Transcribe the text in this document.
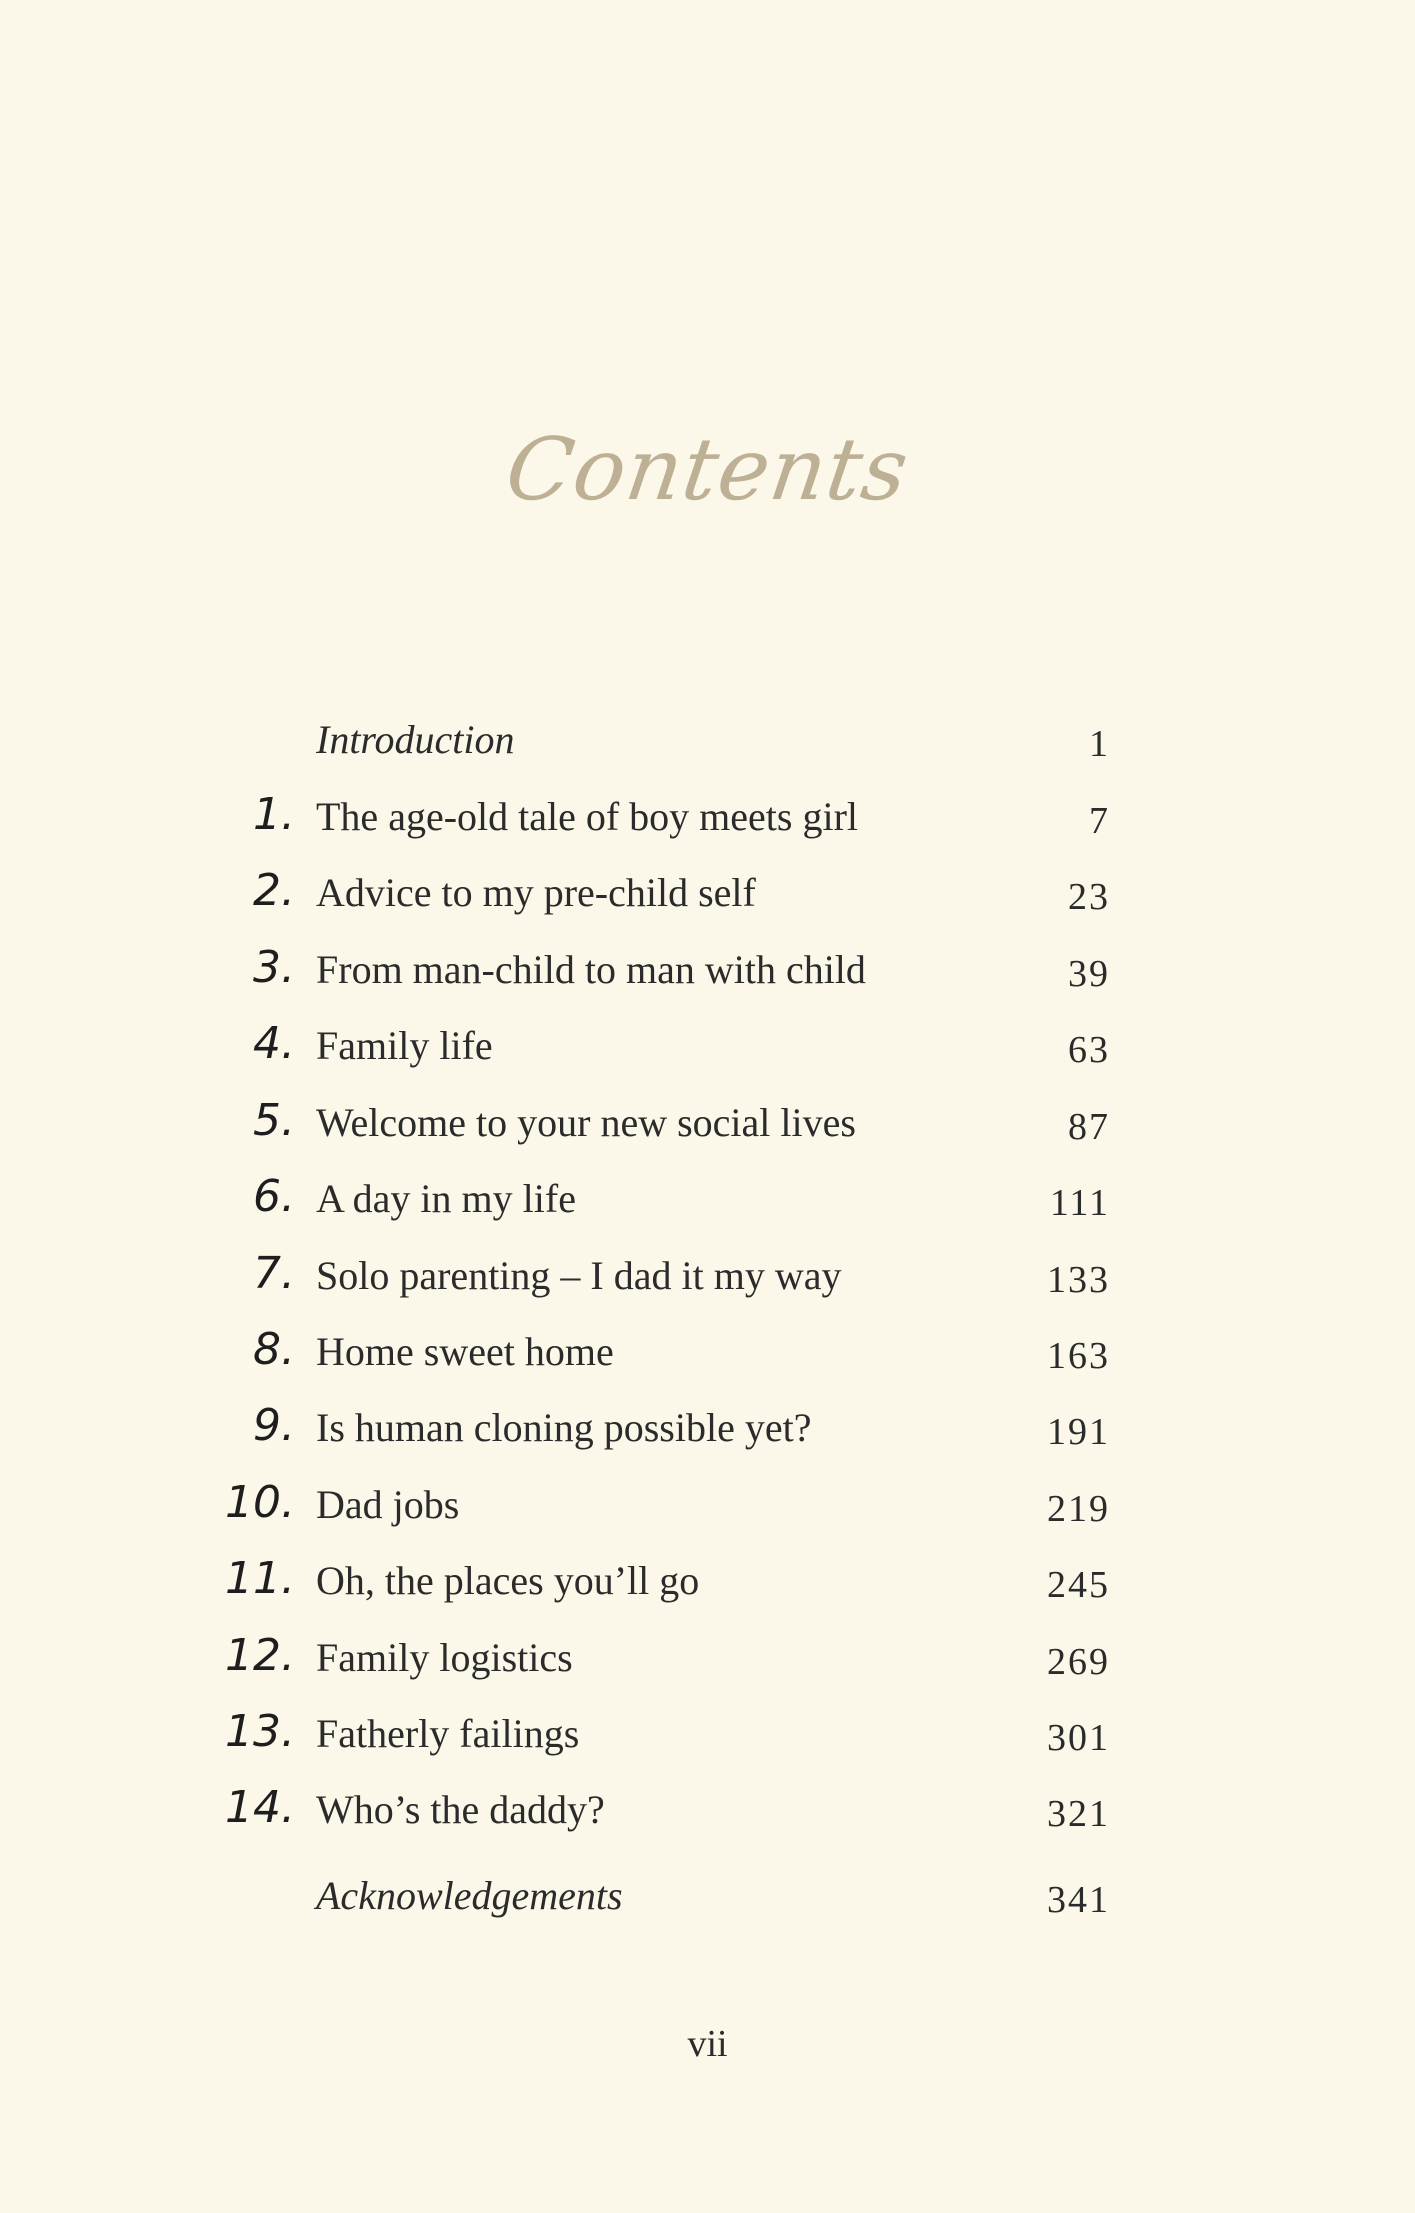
Contents
Introduction	1
1. The age-old tale of boy meets girl	7
2. Advice to my pre-child self	23
3. From man-child to man with child	39
4. Family life	63
5. Welcome to your new social lives	87
6. A day in my life	111
7. Solo parenting – I dad it my way	133
8. Home sweet home	163
9. Is human cloning possible yet?	191
10. Dad jobs	219
11. Oh, the places you’ll go	245
12. Family logistics	269
13. Fatherly failings	301
14. Who’s the daddy?	321
Acknowledgements	341
vii
